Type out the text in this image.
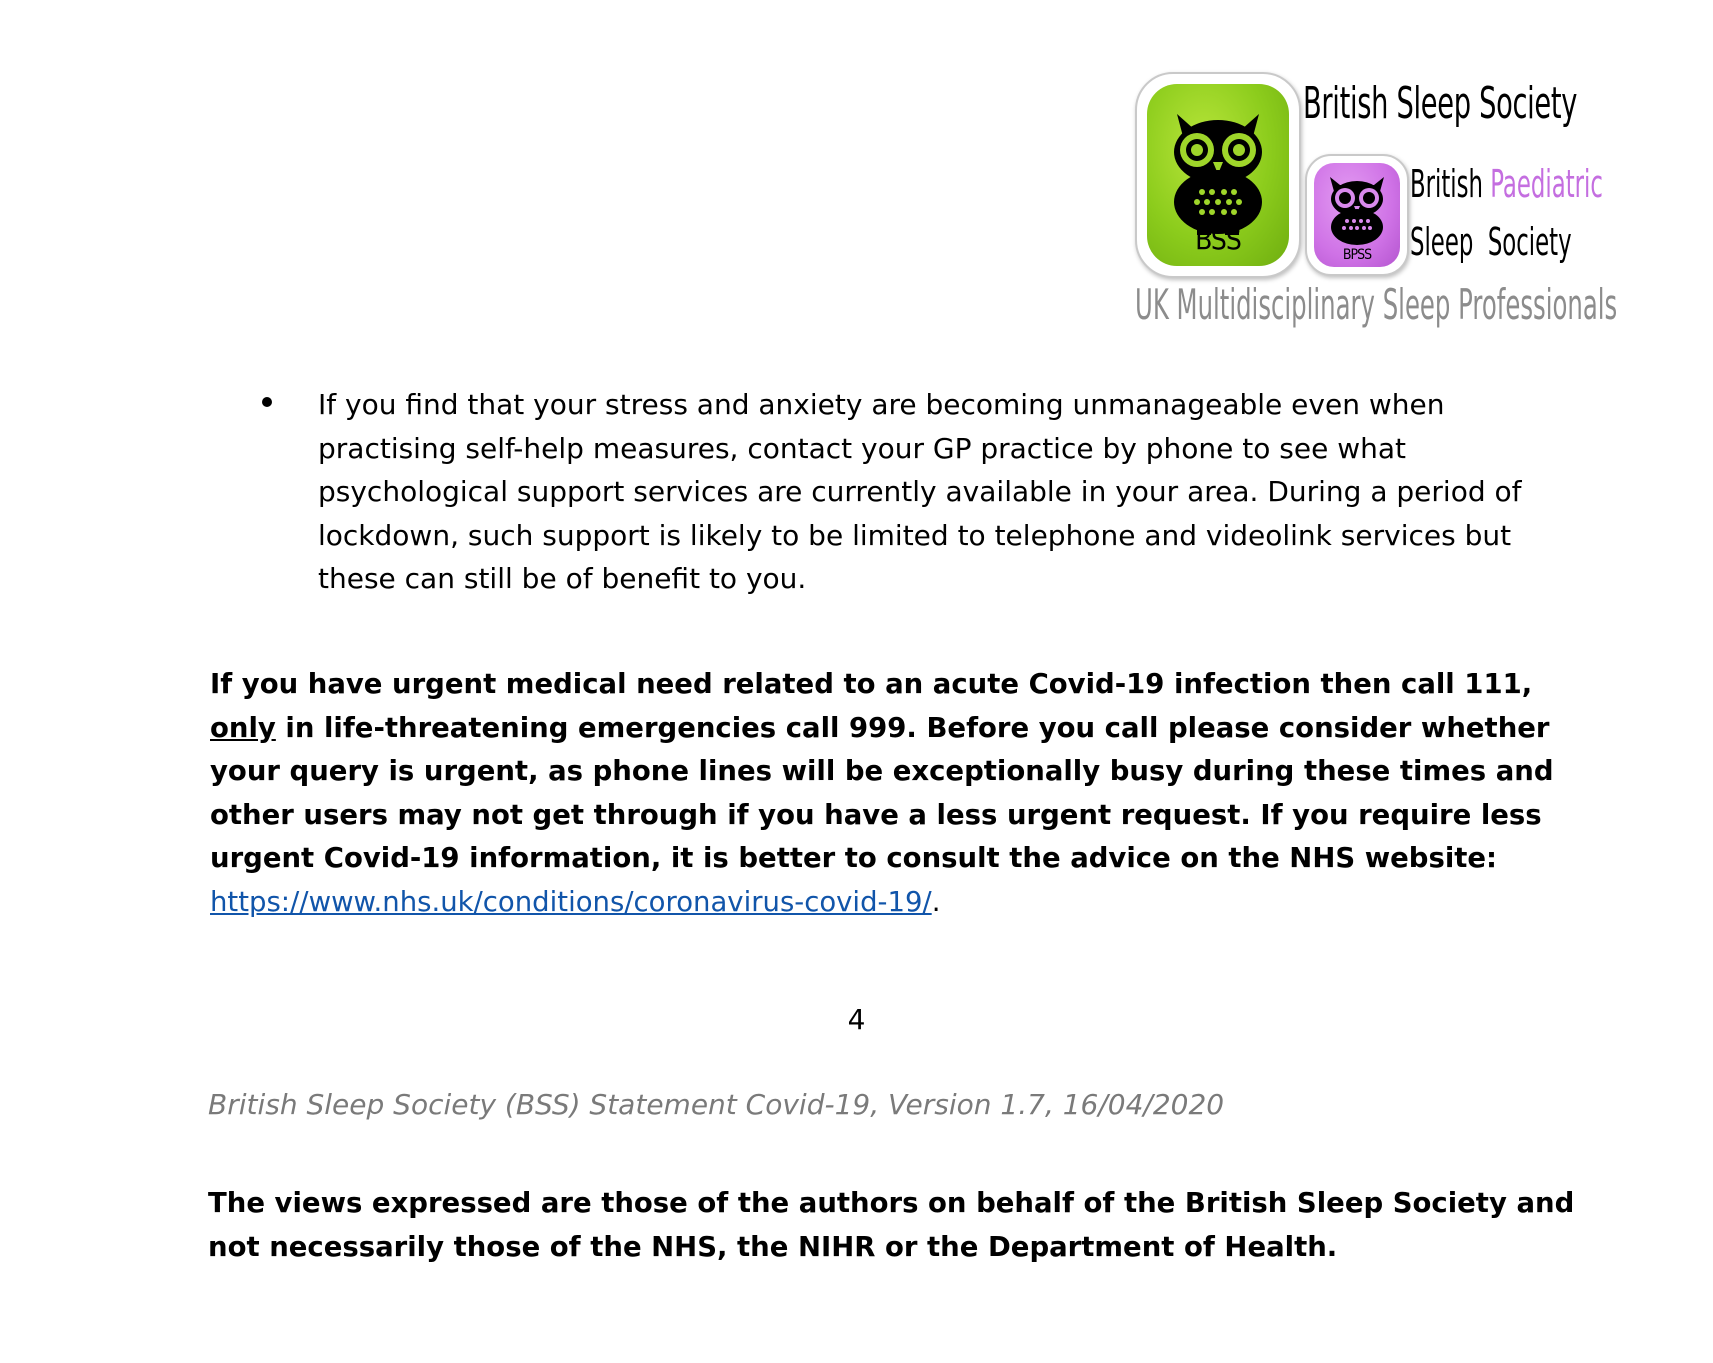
BSS
British Sleep Society
BPSS
British Paediatric
Sleep  Society
UK Multidisciplinary Sleep Professionals

If you find that your stress and anxiety are becoming unmanageable even when practising self-help measures, contact your GP practice by phone to see what psychological support services are currently available in your area. During a period of lockdown, such support is likely to be limited to telephone and videolink services but these can still be of benefit to you.

If you have urgent medical need related to an acute Covid-19 infection then call 111, only in life-threatening emergencies call 999. Before you call please consider whether your query is urgent, as phone lines will be exceptionally busy during these times and other users may not get through if you have a less urgent request. If you require less urgent Covid-19 information, it is better to consult the advice on the NHS website: https://www.nhs.uk/conditions/coronavirus-covid-19/.

4

British Sleep Society (BSS) Statement Covid-19, Version 1.7, 16/04/2020

The views expressed are those of the authors on behalf of the British Sleep Society and not necessarily those of the NHS, the NIHR or the Department of Health.
